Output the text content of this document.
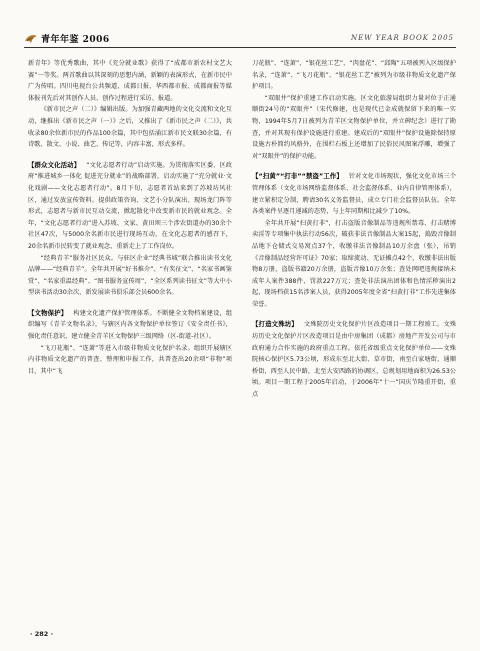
青年年鉴 2006	NEW YEAR BOOK 2005

新青年》等优秀歌曲，其中《充分就业歌》获得了“成都市新农村文艺大赛”一等奖。两首歌曲以其深刻的思想内涵，新颖的表演形式，在新市民中广为传唱。四川电视台公共频道、成都日报、华西都市报、成都商报等媒体报刊先后对其创作人员、创作过程进行采访、报道。

《新市民之声（二）》编辑出版。为加强青藏两地的文化交流和文化互动，继推出《新市民之声（一）》之后，又推出了《新市民之声（二）》，共收录80余位新市民的作品100余篇，其中包括涌江新市民文联30余篇，有诗歌、散文、小说、曲艺、传记等，内容丰富，形式多样。

【群众文化活动】 “文化志愿者行动”启动实施。为贯彻落实区委、区政府“推进城乡一体化 促进充分就业”的战略部署，启动实施了“充分就业·文化戏剧——文化志愿者行动”。8月下旬，志愿者首站来到了苏坡坊风社区，通过发放宣传资料、提供政策咨询、文艺小分队演出、现场龙门阵等形式，志愿者与新市民互动交流，掀起散化中改变新市民的就业观念。全年，“文化志愿者行动”进入苏坡、文家、黄田坝三个涉农街道办的30余个社区47次，与5000余名新市民进行现场互动，在文化志愿者的感召下，20余名新市民转变了就业观念，重新走上了工作岗位。

“经典青羊”服务社区民众。与驻区企业“经典书城”联合推出读书文化品牌——“经典青羊”。全年共开展“好书推介”、“有奖征文”、“名家书画鉴赏”、“名家重温经典”、“图书服务宣传周”、“全区系列读书征文”等大中小型读书活动30余次，新发展读书俱乐部会员600余名。

【文物保护】 构建文化遗产保护管理体系。不断健全文物档案建设，组织编写《青羊文物名录》，与辖区内各文物保护单位签订《安全责任书》，强化责任意识，建立健全青羊区文物保护三级网络（区-街道-社区）。

“飞刀花瓶”、“连萧”等进入市级非物质文化保护名录。组织开展辖区内非物质文化遗产的普查、整理和申报工作，共普查出20余项“非物”项目，其中“飞

刀花瓶”、“连萧”、“银花丝工艺”、“肉盘花”、“邱陶”五项被列入区级保护名录，“连萧”、“飞刀花瓶”、“银花丝工艺”被列为市级非物质文化遗产保护项目。

“双眼井”保护重建工作启动实施。区文化旅游局组织力量对位于正通顺街24号的“双眼井”（宋代修建，也是现代已金成就保留下来的唯一实物，1994年5月7日被列为青羊区文物保护单位，并立碑纪念）进行了勘查，并对其现有保护设施进行重建。建成后的“双眼井”保护设施除保持原设施古朴简约风格外，在围栏石板上还增加了民俗民风图案浮雕，增强了对“双眼井”的保护功能。

【“扫黄”“打非”“禁盗”工作】 针对文化市场现状，强化文化市场三个管理体系（文化市场网络监督体系、社会监督体系、业内自律管理体系），建立紧积定分制，聘请30名义务监督员，成立专门社会监督员队伍。全年各类案件呈逐月递减的态势，与上年同期相比减少了10%。

全年共开展“扫黄打非”，打击盗版音像制品等违规所禁毒、打击赌博卖淫等专项集中执法行动56次，破获非法音像制品大案15起，捣毁音像制品地下仓储式交易窝点37个，收缴非法音像制品10万余盘（张），吊销《音像制品经营许可证》70家；取缔流动、无证摊点42个，收缴非法出版物8万册，盗版书籍20万余册，盗版音像10万余张；查处网吧违规接纳未成年人案件388件，罚款227万元；查处非法演出团体和色情淫秽演出2起，现场档获15名涉案人员，获得2005年度全省“扫黄打非”工作先进集体荣誉。

【打造文殊坊】 文殊院历史文化保护片区改造项目一期工程竣工。文殊坊历史文化保护片区改造项目是由中房集团（成都）房地产开发公司与市政府通力合作实施的政府重点工程。依托省级重点文化保护单位——文殊院核心保护区5.73公顷，形成东至北大街、草市街，南至白家塘街、通顺桥街，西至人民中路，北至大安西路的协调区，总规划用地面积为26.53公顷。项目一期工程于2005年启动，于2006年“十一”国庆节隆重开街，重点

· 282 ·
